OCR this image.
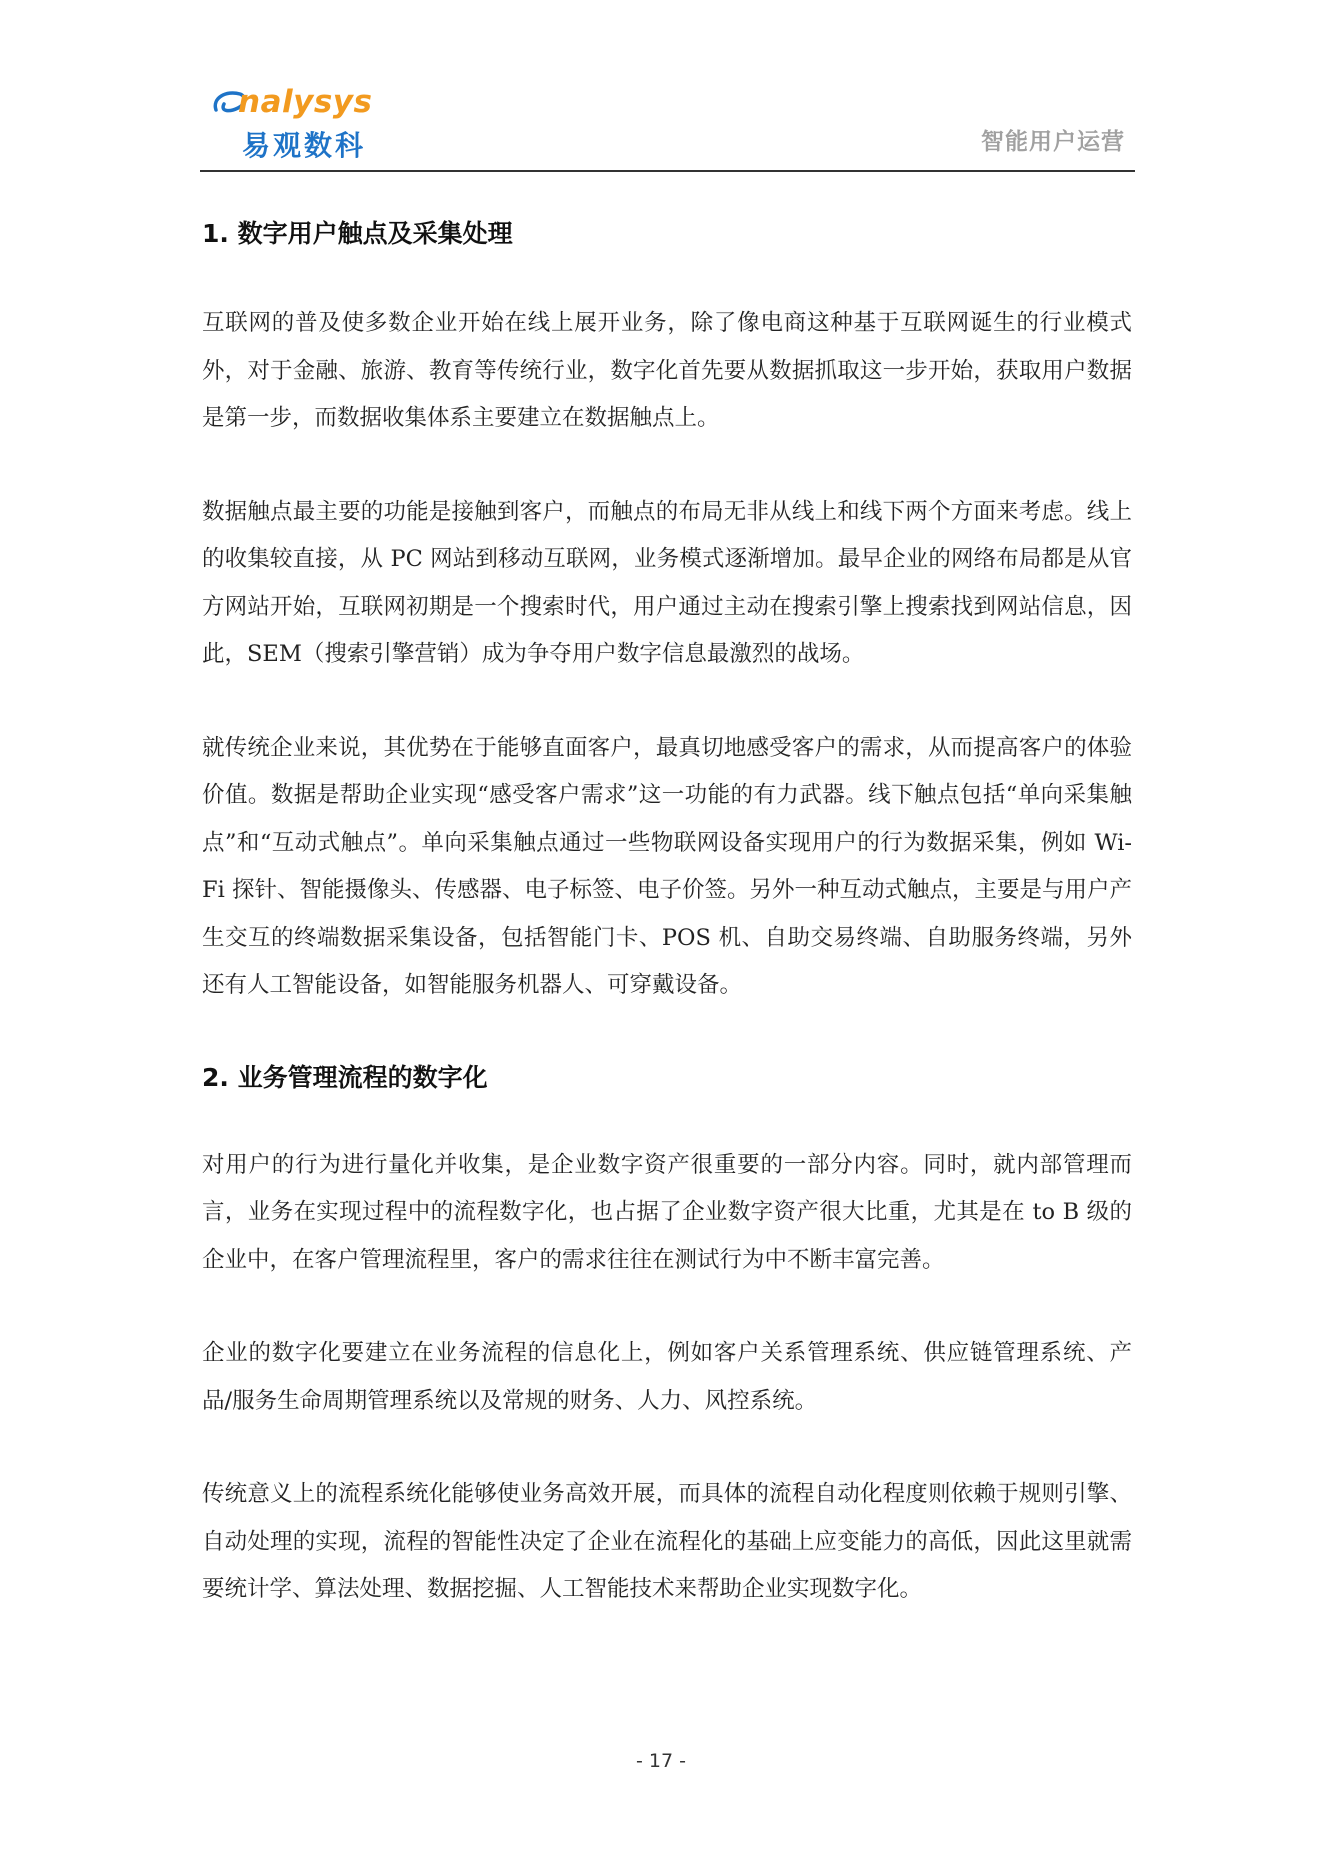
nalysys
易观数科	智能用户运营
1. 数字用户触点及采集处理

互联网的普及使多数企业开始在线上展开业务，除了像电商这种基于互联网诞生的行业模式外，对于金融、旅游、教育等传统行业，数字化首先要从数据抓取这一步开始，获取用户数据是第一步，而数据收集体系主要建立在数据触点上。

数据触点最主要的功能是接触到客户，而触点的布局无非从线上和线下两个方面来考虑。线上的收集较直接，从 PC 网站到移动互联网，业务模式逐渐增加。最早企业的网络布局都是从官方网站开始，互联网初期是一个搜索时代，用户通过主动在搜索引擎上搜索找到网站信息，因此，SEM（搜索引擎营销）成为争夺用户数字信息最激烈的战场。

就传统企业来说，其优势在于能够直面客户，最真切地感受客户的需求，从而提高客户的体验价值。数据是帮助企业实现“感受客户需求”这一功能的有力武器。线下触点包括“单向采集触点”和“互动式触点”。单向采集触点通过一些物联网设备实现用户的行为数据采集，例如 Wi-Fi 探针、智能摄像头、传感器、电子标签、电子价签。另外一种互动式触点，主要是与用户产生交互的终端数据采集设备，包括智能门卡、POS 机、自助交易终端、自助服务终端，另外还有人工智能设备，如智能服务机器人、可穿戴设备。

2. 业务管理流程的数字化

对用户的行为进行量化并收集，是企业数字资产很重要的一部分内容。同时，就内部管理而言，业务在实现过程中的流程数字化，也占据了企业数字资产很大比重，尤其是在 to B 级的企业中，在客户管理流程里，客户的需求往往在测试行为中不断丰富完善。

企业的数字化要建立在业务流程的信息化上，例如客户关系管理系统、供应链管理系统、产品/服务生命周期管理系统以及常规的财务、人力、风控系统。

传统意义上的流程系统化能够使业务高效开展，而具体的流程自动化程度则依赖于规则引擎、自动处理的实现，流程的智能性决定了企业在流程化的基础上应变能力的高低，因此这里就需要统计学、算法处理、数据挖掘、人工智能技术来帮助企业实现数字化。

- 17 -
